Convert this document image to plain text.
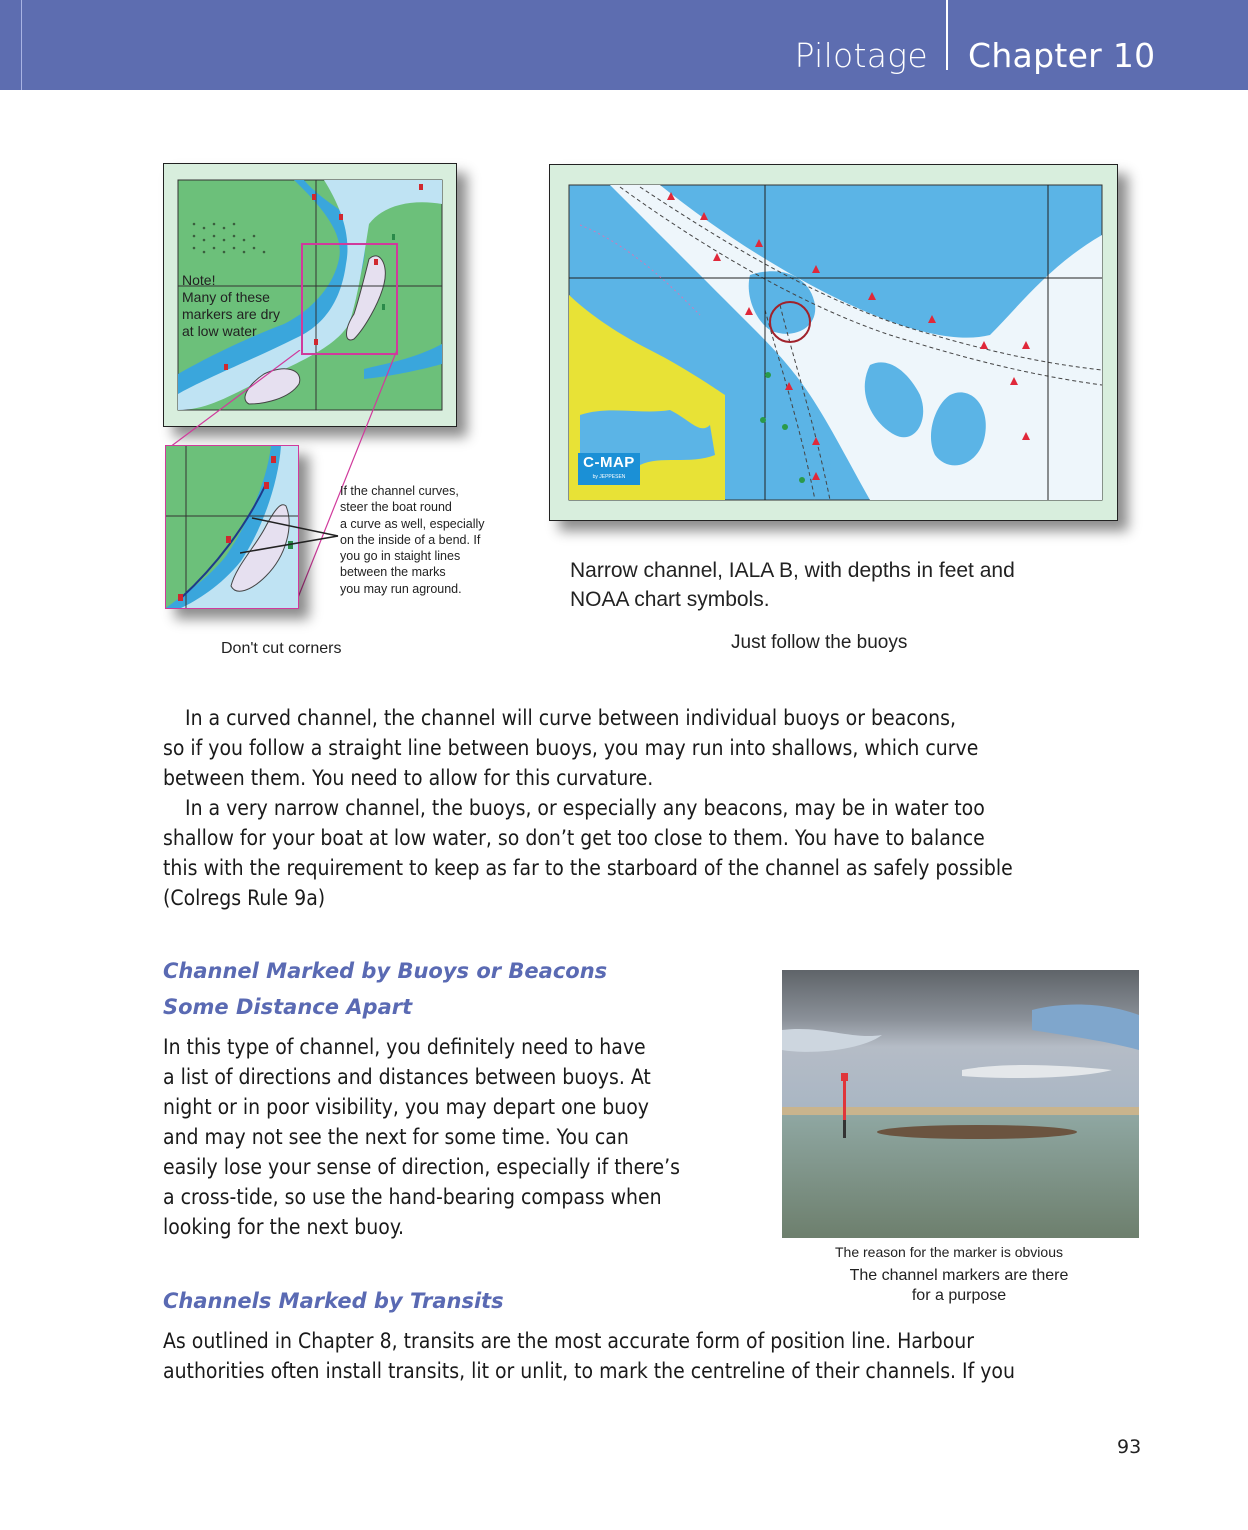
Pilotage Chapter 10
Note!
Many of these
markers are dry
at low water
If the channel curves,
steer the boat round
a curve as well, especially
on the inside of a bend. If
you go in staight lines
between the marks
you may run aground.
Don't cut corners
C-MAP
by JEPPESEN
Narrow channel, IALA B, with depths in feet and
NOAA chart symbols.
Just follow the buoys

In a curved channel, the channel will curve between individual buoys or beacons,

so if you follow a straight line between buoys, you may run into shallows, which curve

between them. You need to allow for this curvature.

In a very narrow channel, the buoys, or especially any beacons, may be in water too

shallow for your boat at low water, so don’t get too close to them. You have to balance

this with the requirement to keep as far to the starboard of the channel as safely possible

(Colregs Rule 9a)

Channel Marked by Buoys or Beacons
Some Distance Apart

In this type of channel, you definitely need to have

a list of directions and distances between buoys. At

night or in poor visibility, you may depart one buoy

and may not see the next for some time. You can

easily lose your sense of direction, especially if there’s

a cross-tide, so use the hand-bearing compass when

looking for the next buoy.

The reason for the marker is obvious
The channel markers are there
for a purpose
Channels Marked by Transits

As outlined in Chapter 8, transits are the most accurate form of position line. Harbour

authorities often install transits, lit or unlit, to mark the centreline of their channels. If you

93
